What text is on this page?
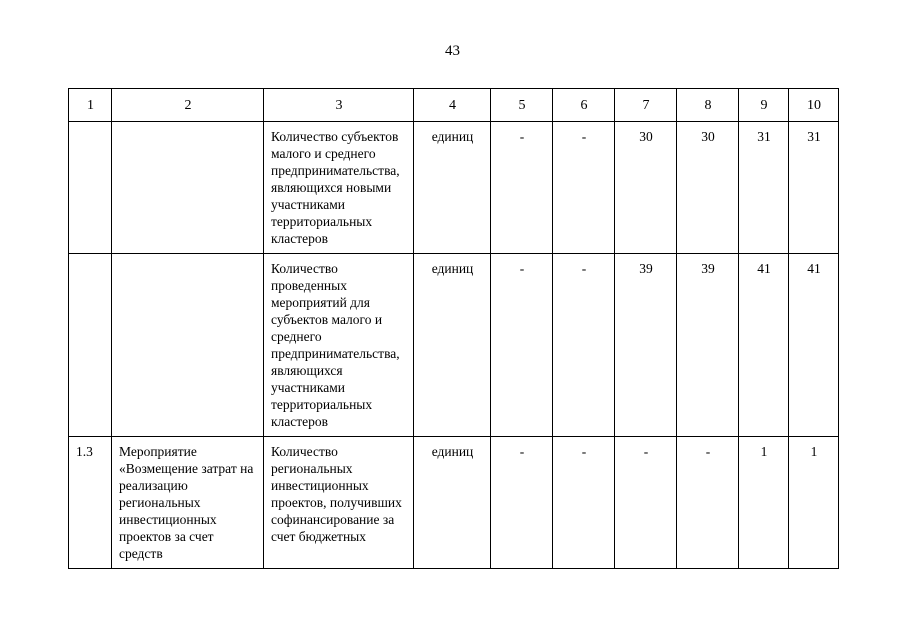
43
1	2	3	4	5	6	7	8	9	10
		Количество субъектов малого и среднего предпринимательства, являющихся новыми участниками территориальных кластеров	единиц	-	-	30	30	31	31
		Количество проведенных мероприятий для субъектов малого и среднего предпринимательства, являющихся участниками территориальных кластеров	единиц	-	-	39	39	41	41
1.3	Мероприятие «Возмещение затрат на реализацию региональных инвестиционных проектов за счет средств	Количество региональных инвестиционных проектов, получивших софинансирование за счет бюджетных	единиц	-	-	-	-	1	1
